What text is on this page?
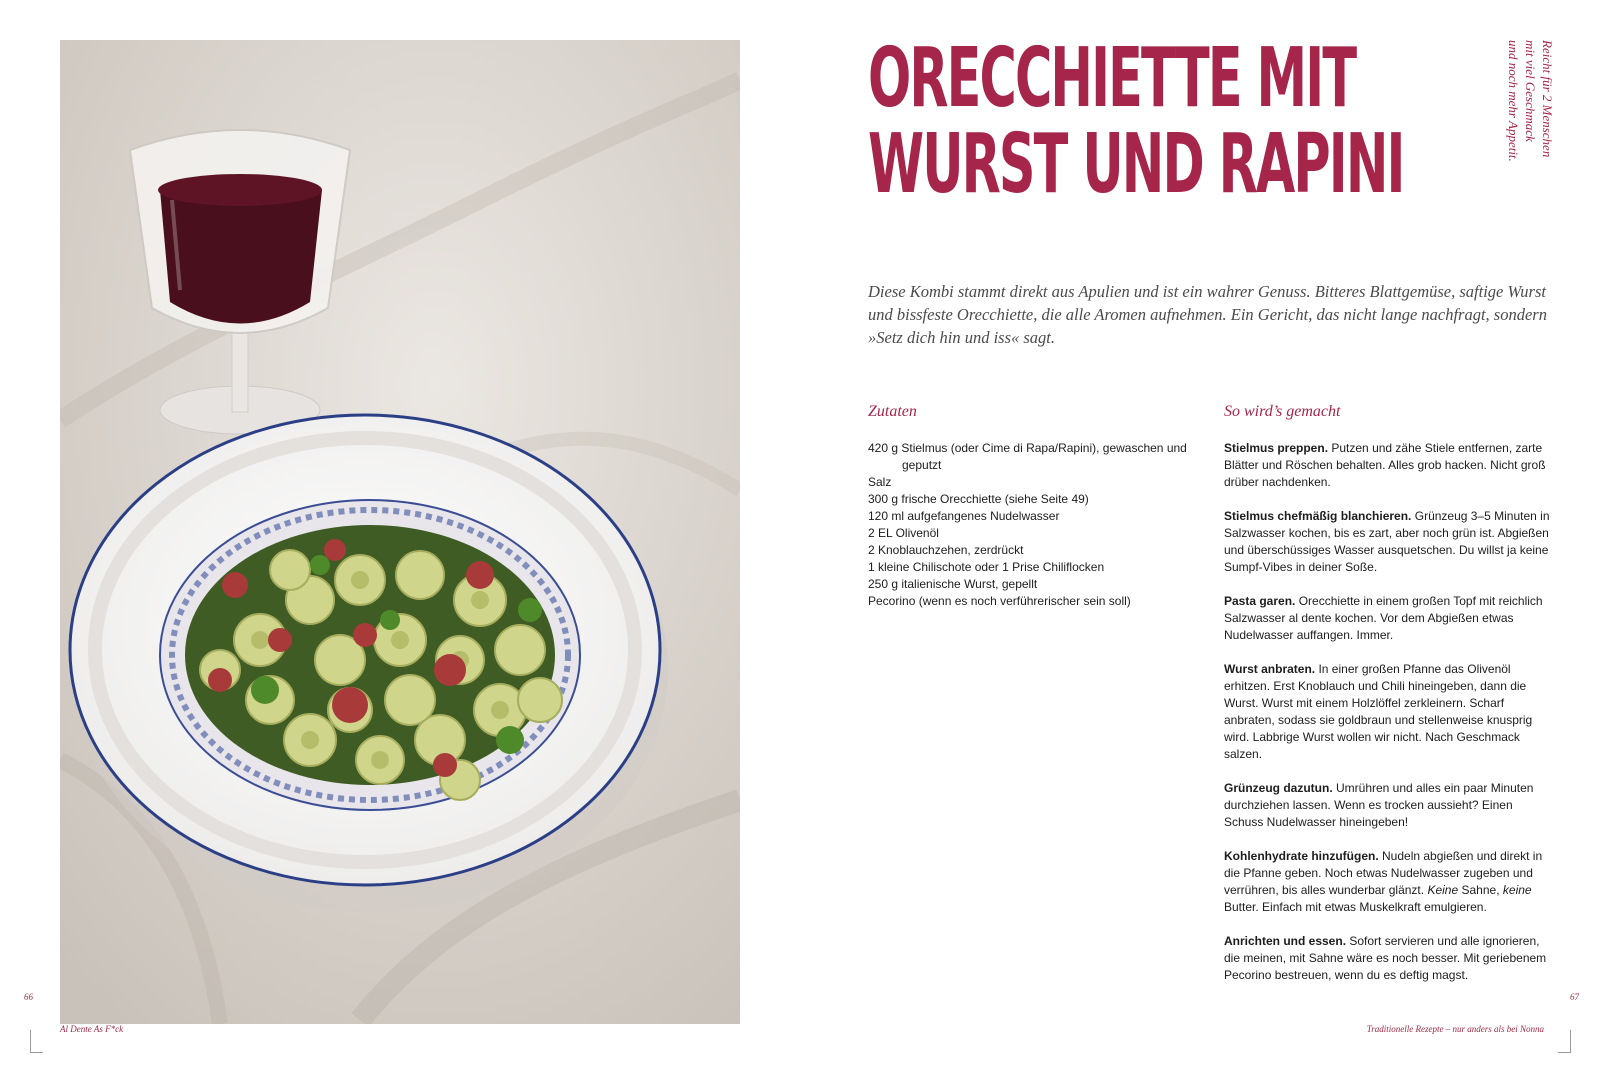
66
Al Dente As F*ck
67
Traditionelle Rezepte – nur anders als bei Nonna
ORECCHIETTE MIT
WURST UND RAPINI
Reicht für 2 Menschen
mit viel Geschmack
und noch mehr Appetit.
Diese Kombi stammt direkt aus Apulien und ist ein wahrer Genuss. Bitteres Blattgemüse, saftige Wurst und bissfeste Orecchiette, die alle Aromen aufnehmen. Ein Gericht, das nicht lange nachfragt, sondern »Setz dich hin und iss« sagt.
Zutaten
420 g Stielmus (oder Cime di Rapa/Rapini), gewaschen und geputzt
Salz
300 g frische Orecchiette (siehe Seite 49)
120 ml aufgefangenes Nudelwasser
2 EL Olivenöl
2 Knoblauchzehen, zerdrückt
1 kleine Chilischote oder 1 Prise Chiliflocken
250 g italienische Wurst, gepellt
Pecorino (wenn es noch verführerischer sein soll)
So wird’s gemacht

Stielmus preppen. Putzen und zähe Stiele entfernen, zarte Blätter und Röschen behalten. Alles grob hacken. Nicht groß drüber nachdenken.

Stielmus chefmäßig blanchieren. Grünzeug 3–5 Minuten in Salzwasser kochen, bis es zart, aber noch grün ist. Abgießen und überschüssiges Wasser ausquetschen. Du willst ja keine Sumpf-Vibes in deiner Soße.

Pasta garen. Orecchiette in einem großen Topf mit reichlich Salzwasser al dente kochen. Vor dem Abgießen etwas Nudelwasser auffangen. Immer.

Wurst anbraten. In einer großen Pfanne das Olivenöl erhitzen. Erst Knoblauch und Chili hineingeben, dann die Wurst. Wurst mit einem Holzlöffel zerkleinern. Scharf anbraten, sodass sie goldbraun und stellenweise knusprig wird. Labbrige Wurst wollen wir nicht. Nach Geschmack salzen.

Grünzeug dazutun. Umrühren und alles ein paar Minuten durchziehen lassen. Wenn es trocken aussieht? Einen Schuss Nudelwasser hineingeben!

Kohlenhydrate hinzufügen. Nudeln abgießen und direkt in die Pfanne geben. Noch etwas Nudelwasser zugeben und verrühren, bis alles wunderbar glänzt. Keine Sahne, keine Butter. Einfach mit etwas Muskelkraft emulgieren.

Anrichten und essen. Sofort servieren und alle ignorieren, die meinen, mit Sahne wäre es noch besser. Mit geriebenem Pecorino bestreuen, wenn du es deftig magst.
